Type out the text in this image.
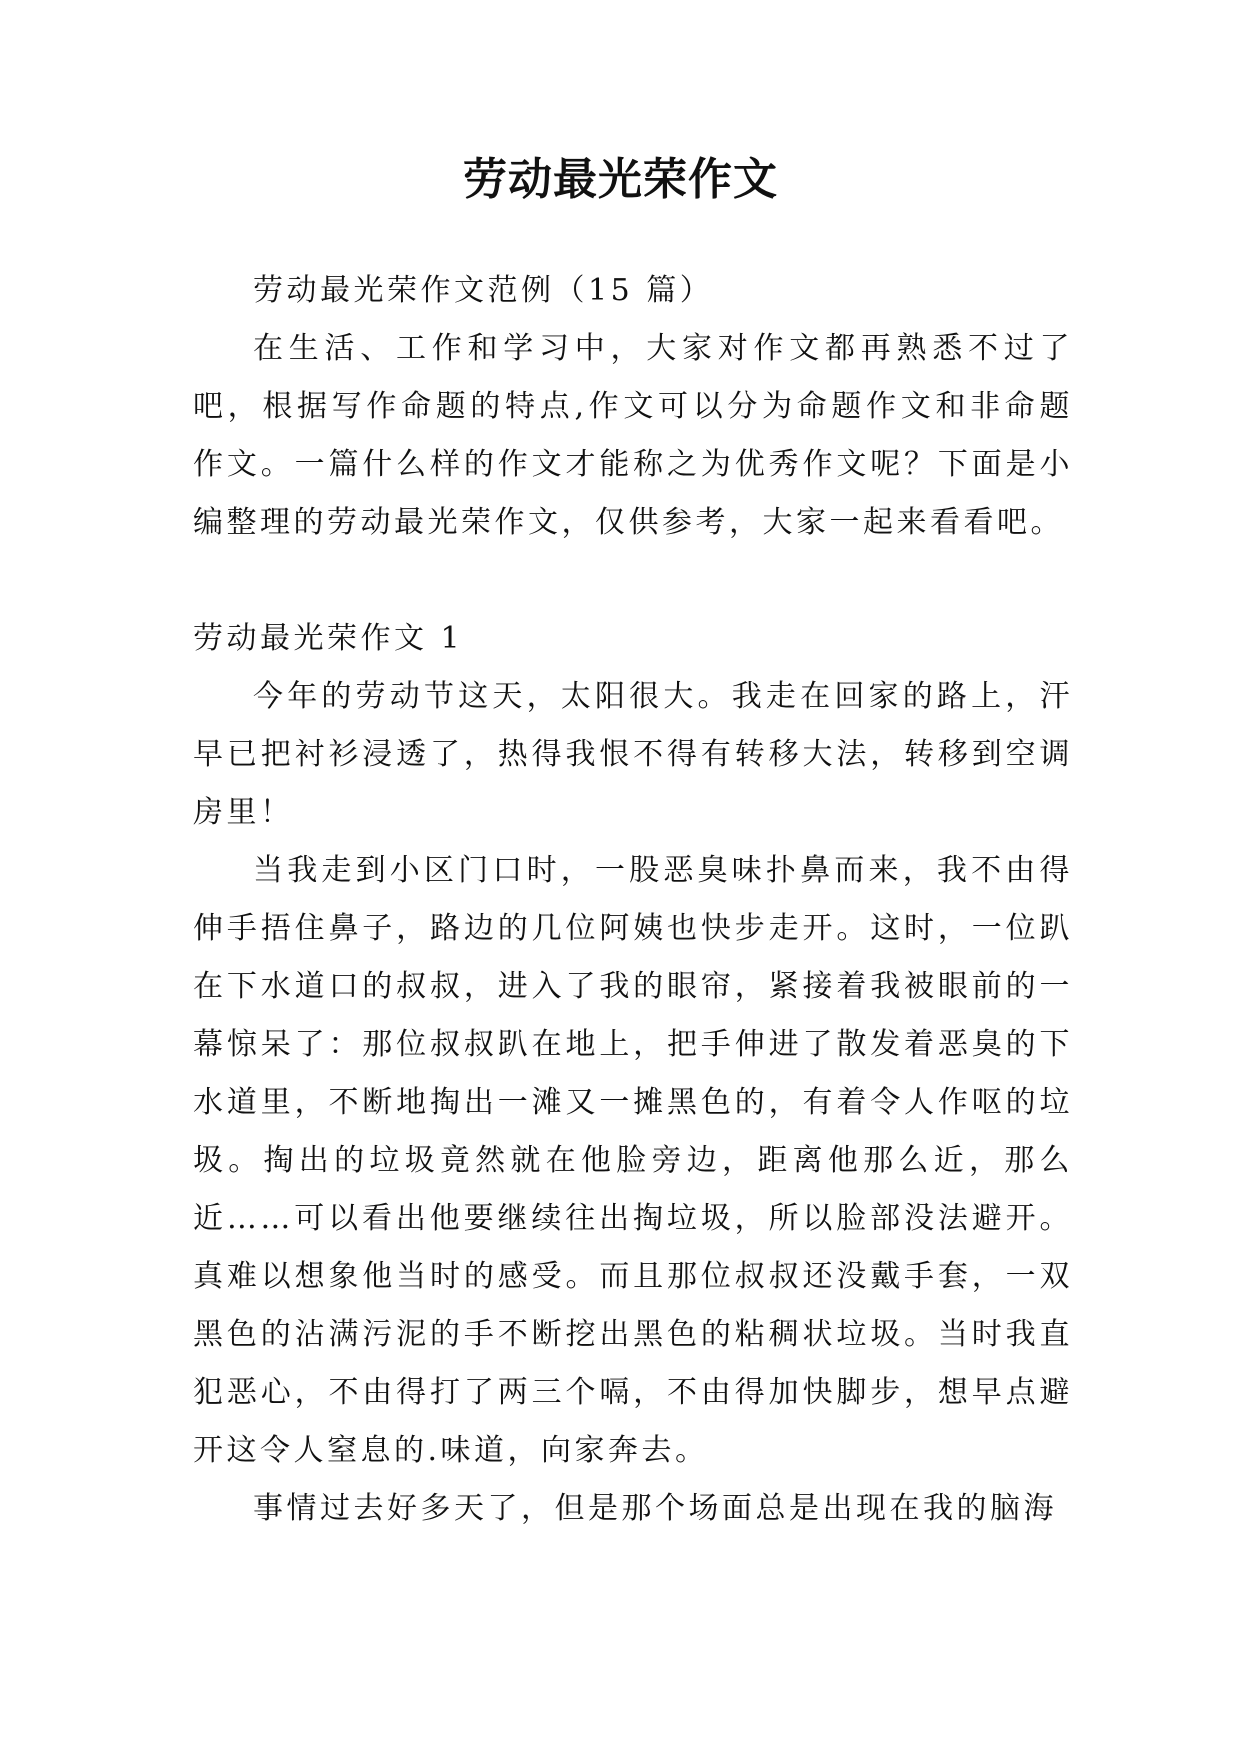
劳动最光荣作文

劳动最光荣作文范例（15 篇）

在生活、工作和学习中，大家对作文都再熟悉不过了吧，根据写作命题的特点,作文可以分为命题作文和非命题作文。一篇什么样的作文才能称之为优秀作文呢？下面是小编整理的劳动最光荣作文，仅供参考，大家一起来看看吧。

劳动最光荣作文 1

今年的劳动节这天，太阳很大。我走在回家的路上，汗早已把衬衫浸透了，热得我恨不得有转移大法，转移到空调房里！

当我走到小区门口时，一股恶臭味扑鼻而来，我不由得伸手捂住鼻子，路边的几位阿姨也快步走开。这时，一位趴在下水道口的叔叔，进入了我的眼帘，紧接着我被眼前的一幕惊呆了：那位叔叔趴在地上，把手伸进了散发着恶臭的下水道里，不断地掏出一滩又一摊黑色的，有着令人作呕的垃圾。掏出的垃圾竟然就在他脸旁边，距离他那么近，那么近……可以看出他要继续往出掏垃圾，所以脸部没法避开。真难以想象他当时的感受。而且那位叔叔还没戴手套，一双黑色的沾满污泥的手不断挖出黑色的粘稠状垃圾。当时我直犯恶心，不由得打了两三个嗝，不由得加快脚步，想早点避开这令人窒息的.味道，向家奔去。

事情过去好多天了，但是那个场面总是出现在我的脑海
